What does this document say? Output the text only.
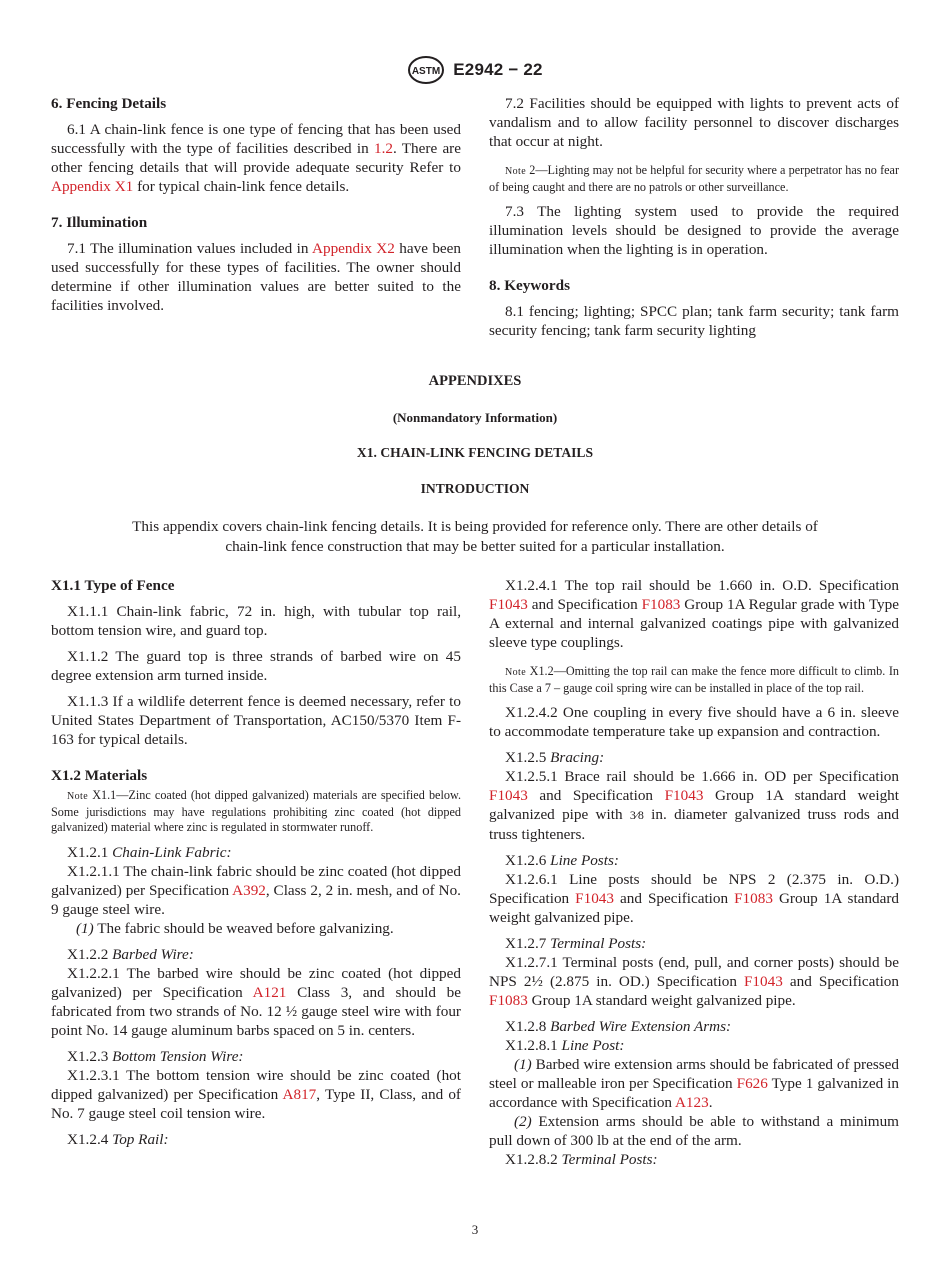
ASTM E2942 − 22

6. Fencing Details

6.1 A chain-link fence is one type of fencing that has been used successfully with the type of facilities described in 1.2. There are other fencing details that will provide adequate security Refer to Appendix X1 for typical chain-link fence details.

7. Illumination

7.1 The illumination values included in Appendix X2 have been used successfully for these types of facilities. The owner should determine if other illumination values are better suited to the facilities involved.

7.2 Facilities should be equipped with lights to prevent acts of vandalism and to allow facility personnel to discover discharges that occur at night.

Note 2—Lighting may not be helpful for security where a perpetrator has no fear of being caught and there are no patrols or other surveillance.

7.3 The lighting system used to provide the required illumination levels should be designed to provide the average illumination when the lighting is in operation.

8. Keywords

8.1 fencing; lighting; SPCC plan; tank farm security; tank farm security fencing; tank farm security lighting

APPENDIXES
(Nonmandatory Information)
X1. CHAIN-LINK FENCING DETAILS
INTRODUCTION
This appendix covers chain-link fencing details. It is being provided for reference only. There are other details of chain-link fence construction that may be better suited for a particular installation.

X1.1 Type of Fence

X1.1.1 Chain-link fabric, 72 in. high, with tubular top rail, bottom tension wire, and guard top.

X1.1.2 The guard top is three strands of barbed wire on 45 degree extension arm turned inside.

X1.1.3 If a wildlife deterrent fence is deemed necessary, refer to United States Department of Transportation, AC150/5370 Item F-163 for typical details.

X1.2 Materials

Note X1.1—Zinc coated (hot dipped galvanized) materials are specified below. Some jurisdictions may have regulations prohibiting zinc coated (hot dipped galvanized) material where zinc is regulated in stormwater runoff.

X1.2.1 Chain-Link Fabric:

X1.2.1.1 The chain-link fabric should be zinc coated (hot dipped galvanized) per Specification A392, Class 2, 2 in. mesh, and of No. 9 gauge steel wire.

(1) The fabric should be weaved before galvanizing.

X1.2.2 Barbed Wire:

X1.2.2.1 The barbed wire should be zinc coated (hot dipped galvanized) per Specification A121 Class 3, and should be fabricated from two strands of No. 12 ½ gauge steel wire with four point No. 14 gauge aluminum barbs spaced on 5 in. centers.

X1.2.3 Bottom Tension Wire:

X1.2.3.1 The bottom tension wire should be zinc coated (hot dipped galvanized) per Specification A817, Type II, Class, and of No. 7 gauge steel coil tension wire.

X1.2.4 Top Rail:

X1.2.4.1 The top rail should be 1.660 in. O.D. Specification F1043 and Specification F1083 Group 1A Regular grade with Type A external and internal galvanized coatings pipe with galvanized sleeve type couplings.

Note X1.2—Omitting the top rail can make the fence more difficult to climb. In this Case a 7 – gauge coil spring wire can be installed in place of the top rail.

X1.2.4.2 One coupling in every five should have a 6 in. sleeve to accommodate temperature take up expansion and contraction.

X1.2.5 Bracing:

X1.2.5.1 Brace rail should be 1.666 in. OD per Specification F1043 and Specification F1043 Group 1A standard weight galvanized pipe with 3⁄8 in. diameter galvanized truss rods and truss tighteners.

X1.2.6 Line Posts:

X1.2.6.1 Line posts should be NPS 2 (2.375 in. O.D.) Specification F1043 and Specification F1083 Group 1A standard weight galvanized pipe.

X1.2.7 Terminal Posts:

X1.2.7.1 Terminal posts (end, pull, and corner posts) should be NPS 2½ (2.875 in. OD.) Specification F1043 and Specification F1083 Group 1A standard weight galvanized pipe.

X1.2.8 Barbed Wire Extension Arms:

X1.2.8.1 Line Post:

(1) Barbed wire extension arms should be fabricated of pressed steel or malleable iron per Specification F626 Type 1 galvanized in accordance with Specification A123.

(2) Extension arms should be able to withstand a minimum pull down of 300 lb at the end of the arm.

X1.2.8.2 Terminal Posts:

3
